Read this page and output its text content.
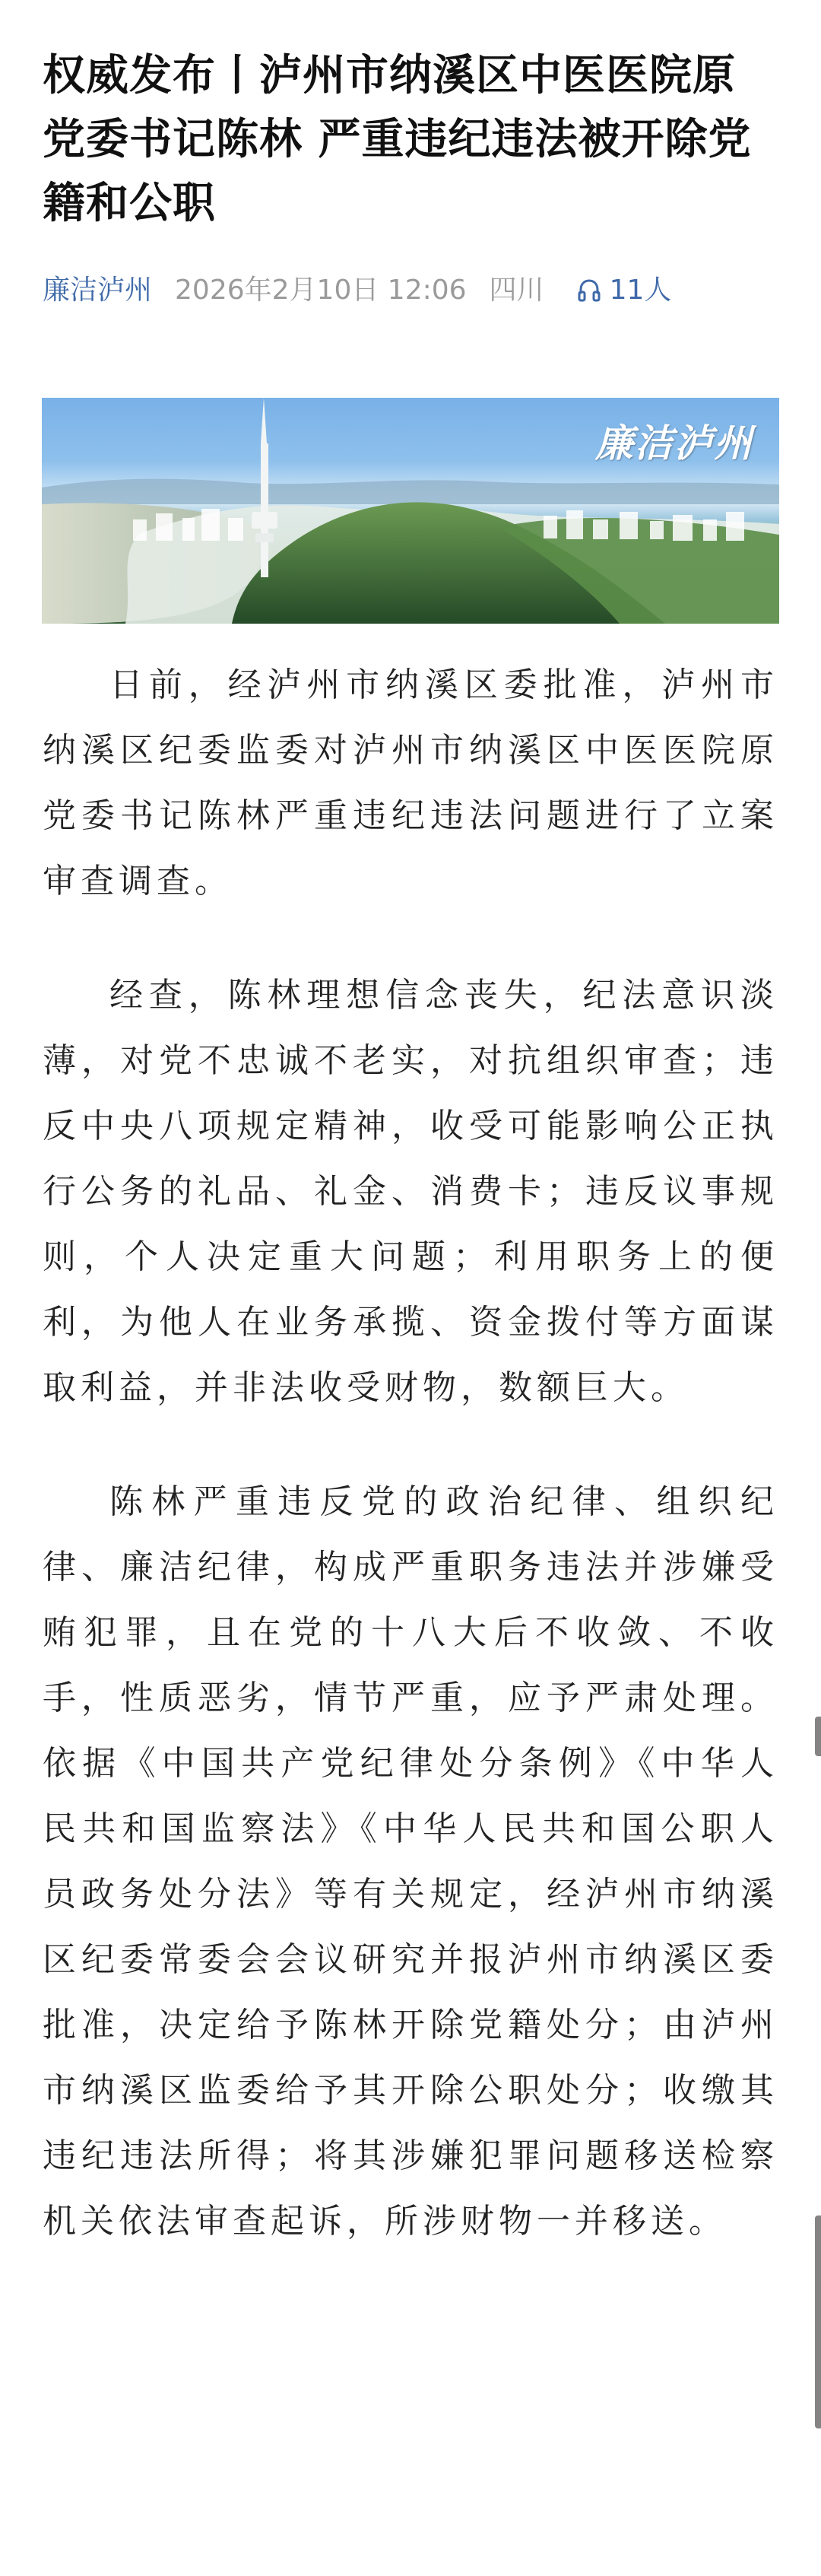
权威发布丨泸州市纳溪区中医医院原党委书记陈林 严重违纪违法被开除党籍和公职
廉洁泸州 2026年2月10日 12:06 四川 11人
廉洁泸州

日前，经泸州市纳溪区委批准，泸州市纳溪区纪委监委对泸州市纳溪区中医医院原党委书记陈林严重违纪违法问题进行了立案审查调查。

经查，陈林理想信念丧失，纪法意识淡薄，对党不忠诚不老实，对抗组织审查；违反中央八项规定精神，收受可能影响公正执行公务的礼品、礼金、消费卡；违反议事规则，个人决定重大问题；利用职务上的便利，为他人在业务承揽、资金拨付等方面谋取利益，并非法收受财物，数额巨大。

陈林严重违反党的政治纪律、组织纪律、廉洁纪律，构成严重职务违法并涉嫌受贿犯罪，且在党的十八大后不收敛、不收手，性质恶劣，情节严重，应予严肃处理。依据《中国共产党纪律处分条例》《中华人民共和国监察法》《中华人民共和国公职人员政务处分法》等有关规定，经泸州市纳溪区纪委常委会会议研究并报泸州市纳溪区委批准，决定给予陈林开除党籍处分；由泸州市纳溪区监委给予其开除公职处分；收缴其违纪违法所得；将其涉嫌犯罪问题移送检察机关依法审查起诉，所涉财物一并移送。
